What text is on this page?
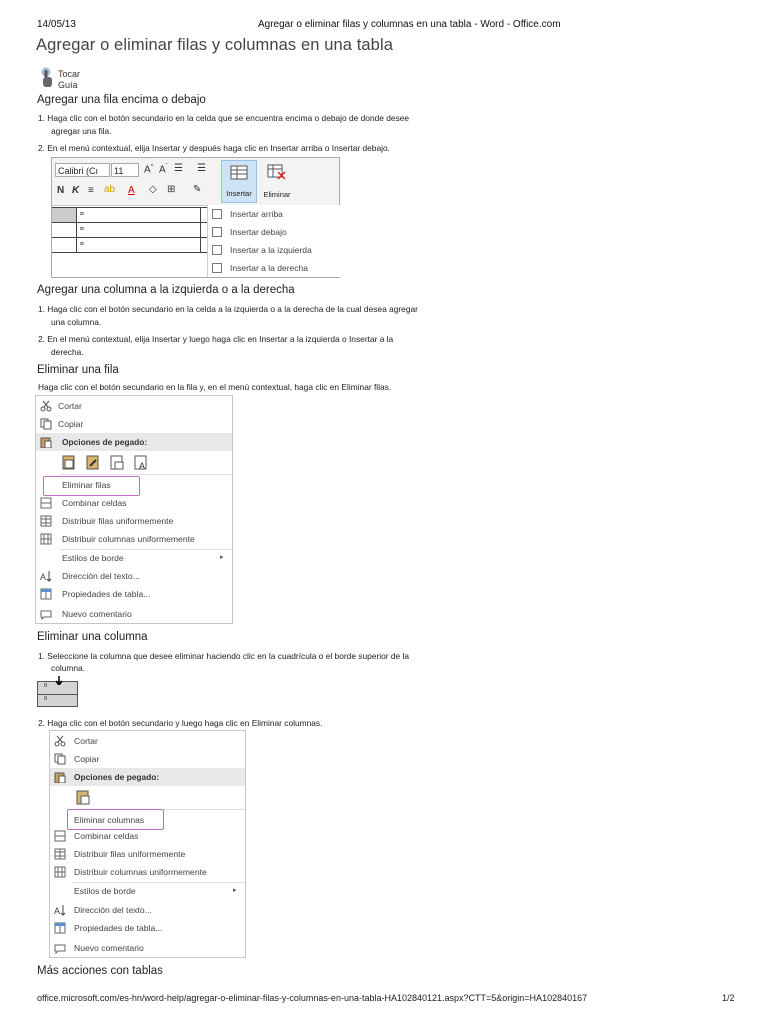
14/05/13	Agregar o eliminar filas y columnas en una tabla - Word - Office.com
Agregar o eliminar filas y columnas en una tabla
Tocar
Guía
Agregar una fila encima o debajo
1. Haga clic con el botón secundario en la celda que se encuentra encima o debajo de donde desee
agregar una fila.
2. En el menú contextual, elija Insertar y después haga clic en Insertar arriba o Insertar debajo.
Calibri (Cı	11	A^ $A^ˇ$ ☰ ☰
N K ≡ ab A ◇ ⊞ ✎	Insertar	Eliminar
¤
¤
¤
Insertar arriba
Insertar debajo
Insertar a la izquierda
Insertar a la derecha
Agregar una columna a la izquierda o a la derecha
1. Haga clic con el botón secundario en la celda a la izquierda o a la derecha de la cual desea agregar
una columna.
2. En el menú contextual, elija Insertar y luego haga clic en Insertar a la izquierda o Insertar a la
derecha.
Eliminar una fila
Haga clic con el botón secundario en la fila y, en el menú contextual, haga clic en Eliminar filas.
Cortar
Copiar
Opciones de pegado:
A
Eliminar filas
Combinar celdas
Distribuir filas uniformemente
Distribuir columnas uniformemente
Estilos de borde	▸
A Dirección del texto...
Propiedades de tabla...
Nuevo comentario
Eliminar una columna
1. Seleccione la columna que desee eliminar haciendo clic en la cuadrícula o el borde superior de la
columna.
¤
¤
2. Haga clic con el botón secundario y luego haga clic en Eliminar columnas.
Cortar
Copiar
Opciones de pegado:
Eliminar columnas
Combinar celdas
Distribuir filas uniformemente
Distribuir columnas uniformemente
Estilos de borde	▸
A Dirección del texto...
Propiedades de tabla...
Nuevo comentario
Más acciones con tablas
office.microsoft.com/es-hn/word-help/agregar-o-eliminar-filas-y-columnas-en-una-tabla-HA102840121.aspx?CTT=5&origin=HA102840167	1/2
